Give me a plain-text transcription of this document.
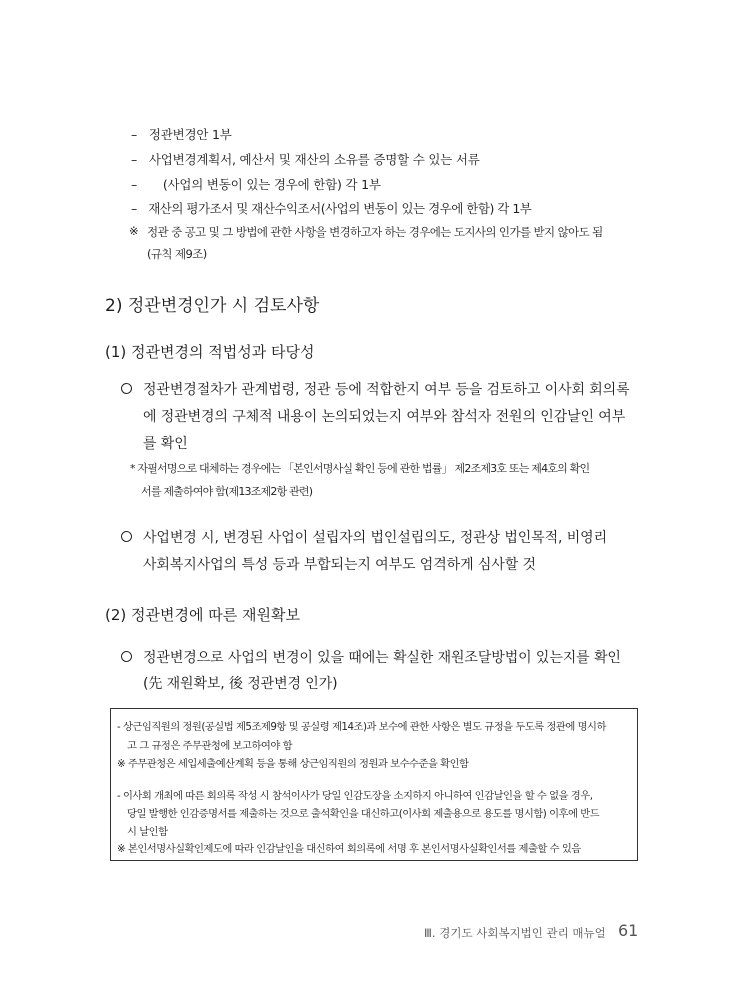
– 정관변경안 1부
– 사업변경계획서, 예산서 및 재산의 소유를 증명할 수 있는 서류
– (사업의 변동이 있는 경우에 한함) 각 1부
– 재산의 평가조서 및 재산수익조서(사업의 변동이 있는 경우에 한함) 각 1부
※ 정관 중 공고 및 그 방법에 관한 사항을 변경하고자 하는 경우에는 도지사의 인가를 받지 않아도 됨
(규칙 제9조)
2) 정관변경인가 시 검토사항
(1) 정관변경의 적법성과 타당성
정관변경절차가 관계법령, 정관 등에 적합한지 여부 등을 검토하고 이사회 회의록
에 정관변경의 구체적 내용이 논의되었는지 여부와 참석자 전원의 인감날인 여부
를 확인
* 자필서명으로 대체하는 경우에는 「본인서명사실 확인 등에 관한 법률」 제2조제3호 또는 제4호의 확인
서를 제출하여야 함(제13조제2항 관련)
사업변경 시, 변경된 사업이 설립자의 법인설립의도, 정관상 법인목적, 비영리
사회복지사업의 특성 등과 부합되는지 여부도 엄격하게 심사할 것
(2) 정관변경에 따른 재원확보
정관변경으로 사업의 변경이 있을 때에는 확실한 재원조달방법이 있는지를 확인
(先 재원확보, 後 정관변경 인가)
- 상근임직원의 정원(공실법 제5조제9항 및 공실령 제14조)과 보수에 관한 사항은 별도 규정을 두도록 정관에 명시하
고 그 규정은 주무관청에 보고하여야 함
※ 주무관청은 세입세출예산계획 등을 통해 상근임직원의 정원과 보수수준을 확인함
- 이사회 개최에 따른 회의록 작성 시 참석이사가 당일 인감도장을 소지하지 아니하여 인감날인을 할 수 없을 경우,
당일 발행한 인감증명서를 제출하는 것으로 출석확인을 대신하고(이사회 제출용으로 용도를 명시함) 이후에 반드
시 날인함
※ 본인서명사실확인제도에 따라 인감날인을 대신하여 회의록에 서명 후 본인서명사실확인서를 제출할 수 있음
Ⅲ. 경기도 사회복지법인 관리 매뉴얼 61
